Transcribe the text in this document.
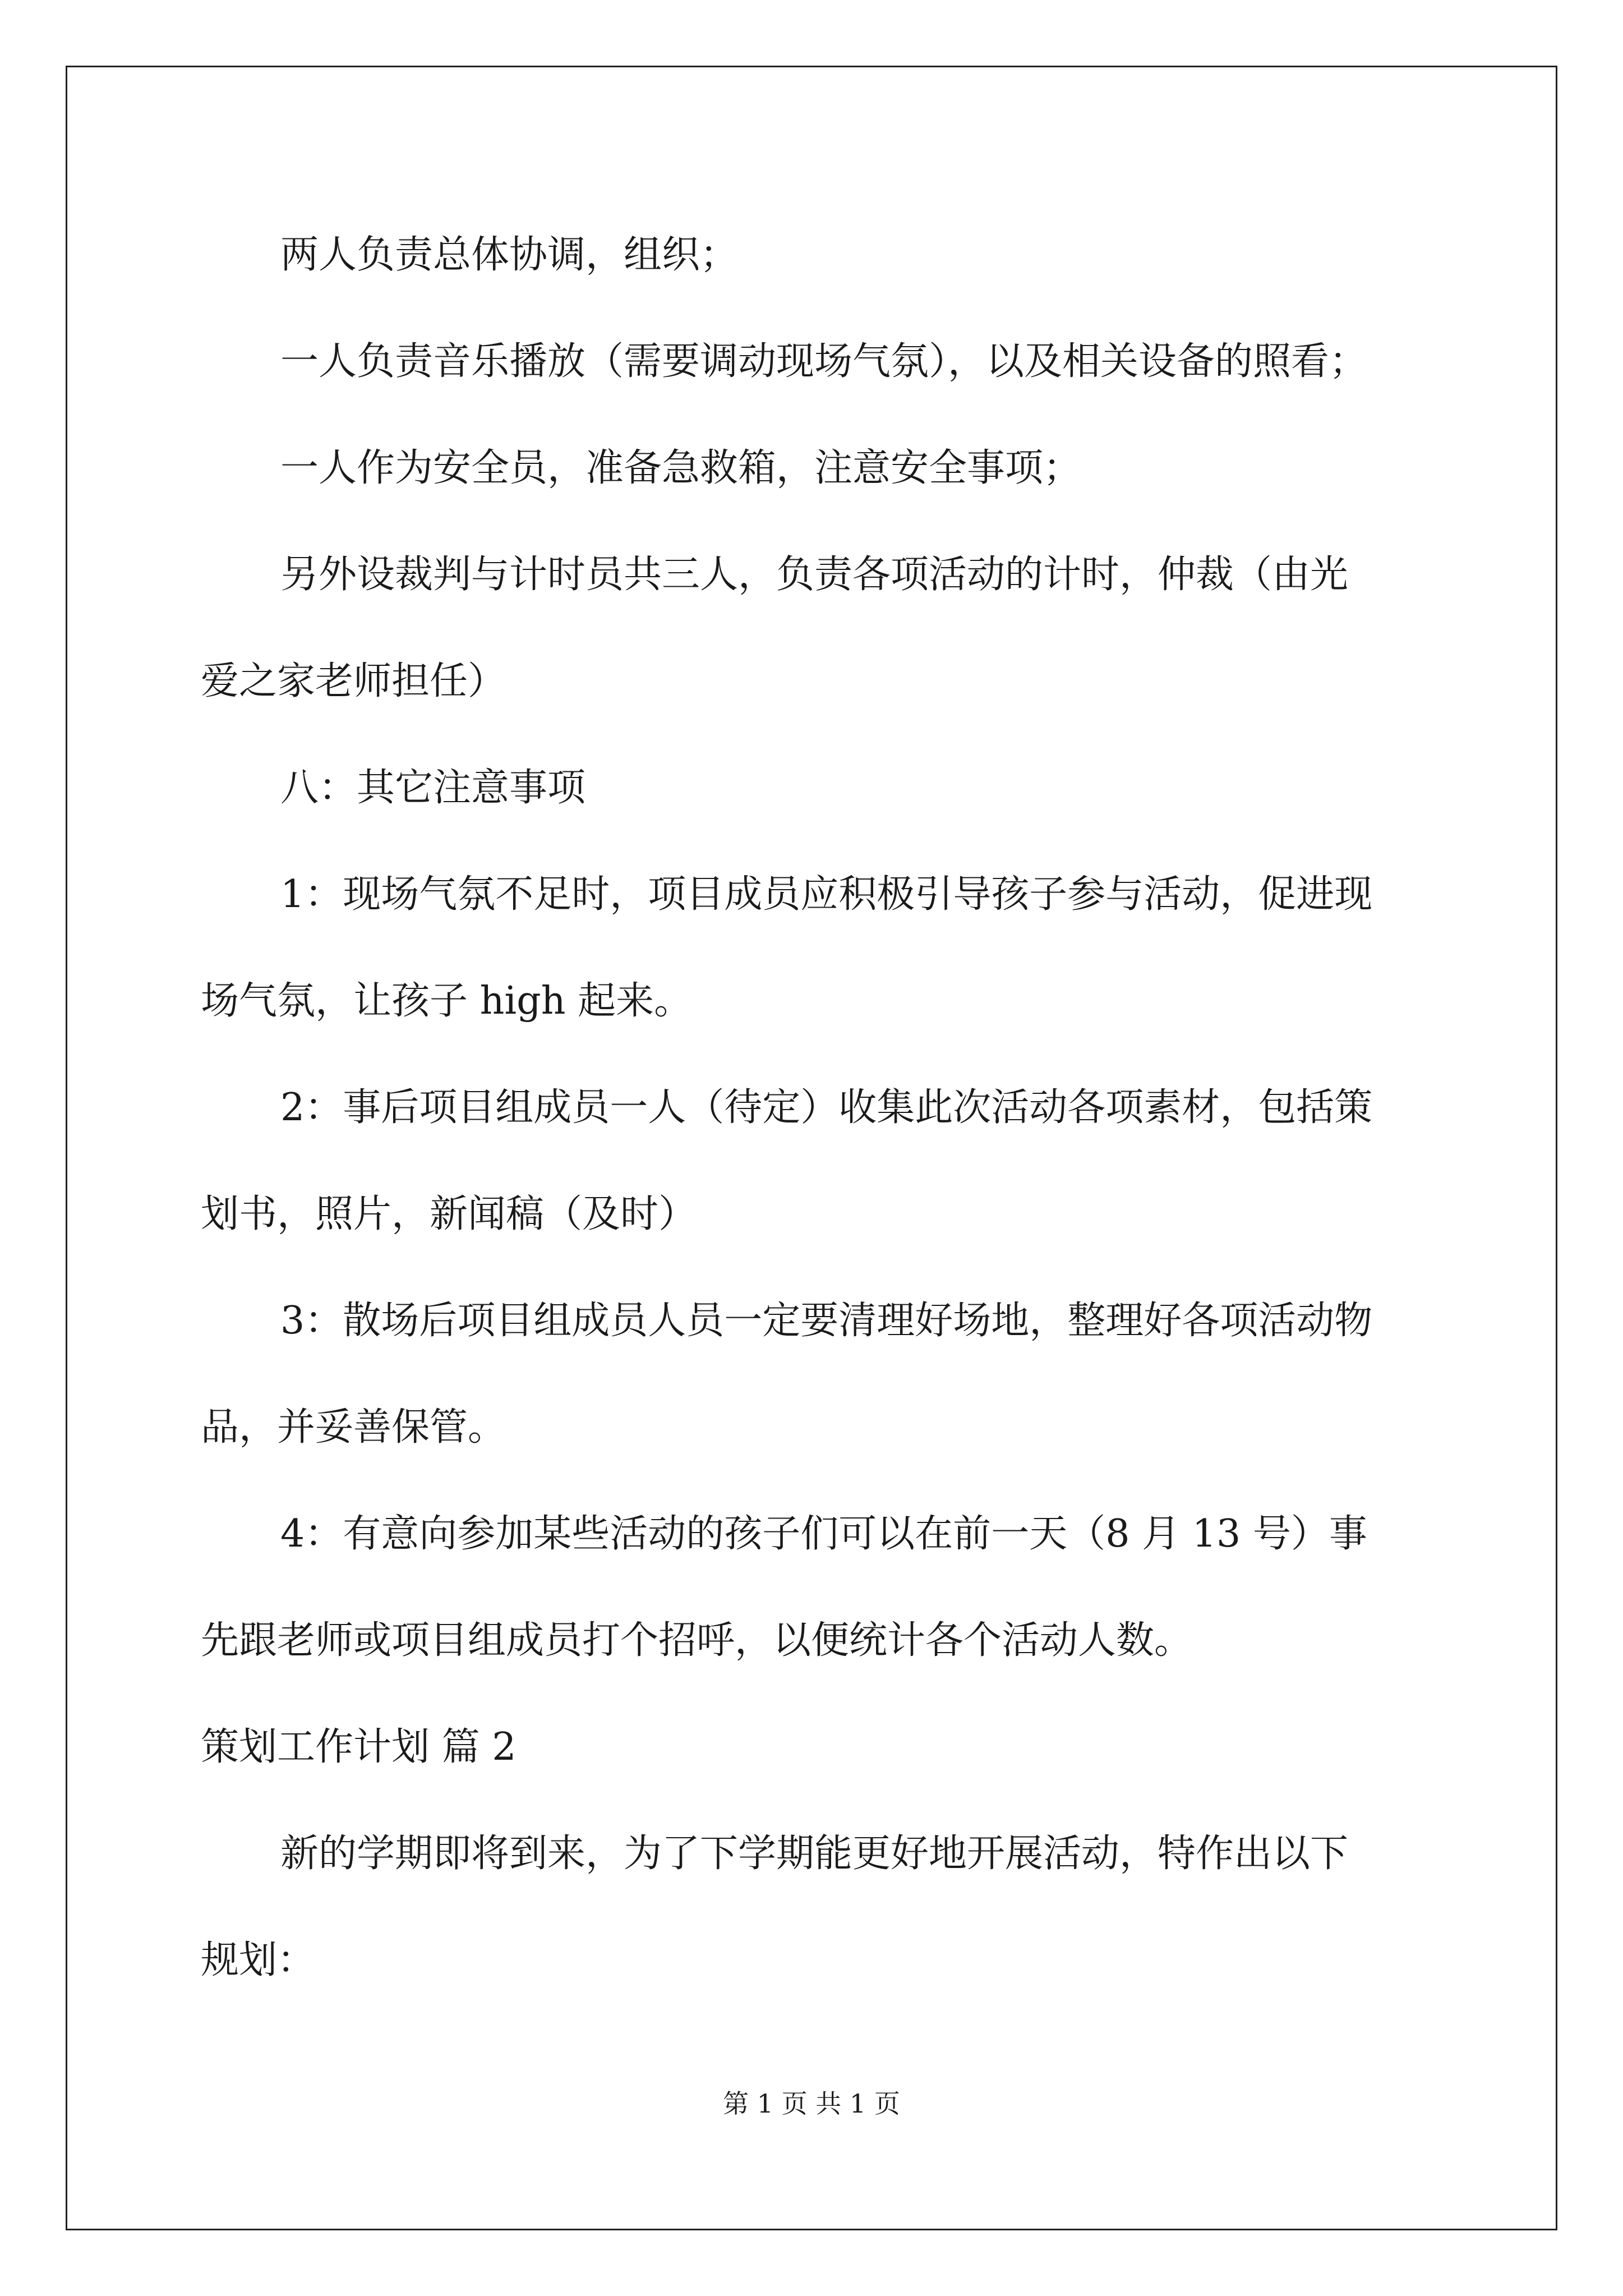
两人负责总体协调，组织；

一人负责音乐播放（需要调动现场气氛），以及相关设备的照看；

一人作为安全员，准备急救箱，注意安全事项；

另外设裁判与计时员共三人，负责各项活动的计时，仲裁（由光

爱之家老师担任）

八：其它注意事项

1：现场气氛不足时，项目成员应积极引导孩子参与活动，促进现

场气氛，让孩子 high 起来。

2：事后项目组成员一人（待定）收集此次活动各项素材，包括策

划书，照片，新闻稿（及时）

3：散场后项目组成员人员一定要清理好场地，整理好各项活动物

品，并妥善保管。

4：有意向参加某些活动的孩子们可以在前一天（8 月 13 号）事

先跟老师或项目组成员打个招呼，以便统计各个活动人数。

策划工作计划 篇 2

新的学期即将到来，为了下学期能更好地开展活动，特作出以下

规划：

第 1 页 共 1 页
